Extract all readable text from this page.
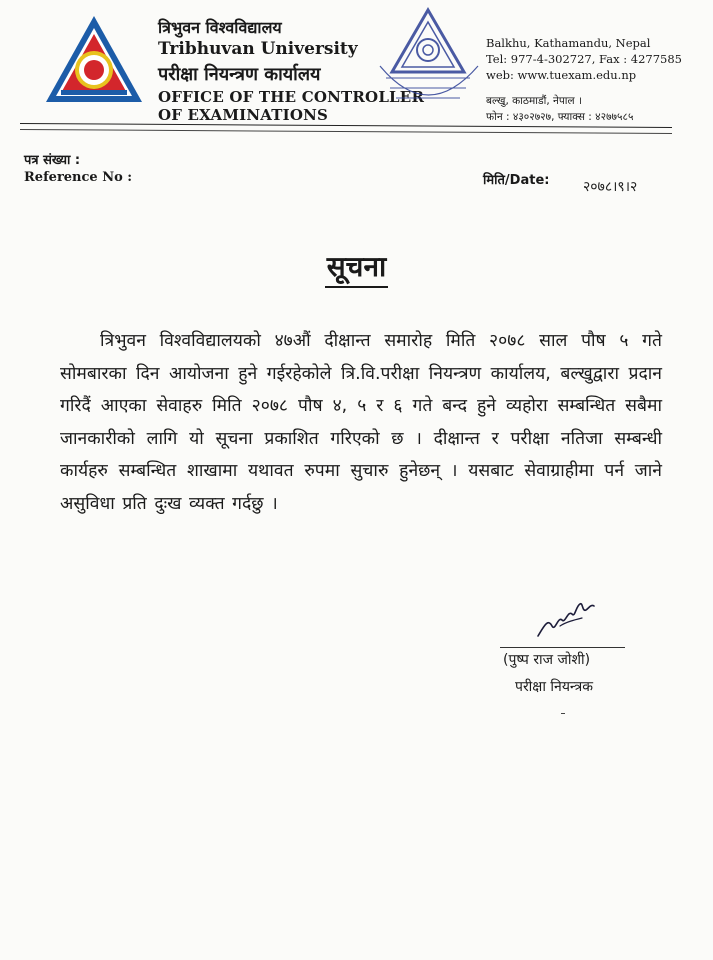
त्रिभुवन विश्वविद्यालय
Tribhuvan University
परीक्षा नियन्त्रण कार्यालय
OFFICE OF THE CONTROLLER
OF EXAMINATIONS
Balkhu, Kathamandu, Nepal
Tel: 977-4-302727, Fax : 4277585
web: www.tuexam.edu.np
बल्खु, काठमाडौं, नेपाल ।
फोन : ४३०२७२७, फ्याक्स : ४२७७५८५
पत्र संख्या :
Reference No :	मिति/Date: २०७८।९।२
सूचना
त्रिभुवन विश्वविद्यालयको ४७औं दीक्षान्त समारोह मिति २०७८ साल पौष ५ गते सोमबारका दिन आयोजना हुने गईरहेकोले त्रि.वि.परीक्षा नियन्त्रण कार्यालय, बल्खुद्वारा प्रदान गरिदैं आएका सेवाहरु मिति २०७८ पौष ४, ५ र ६ गते बन्द हुने व्यहोरा सम्बन्धित सबैमा जानकारीको लागि यो सूचना प्रकाशित गरिएको छ । दीक्षान्त र परीक्षा नतिजा सम्बन्धी कार्यहरु सम्बन्धित शाखामा यथावत रुपमा सुचारु हुनेछन् । यसबाट सेवाग्राहीमा पर्न जाने असुविधा प्रति दुःख व्यक्त गर्दछु ।
(पुष्प राज जोशी)
परीक्षा नियन्त्रक
